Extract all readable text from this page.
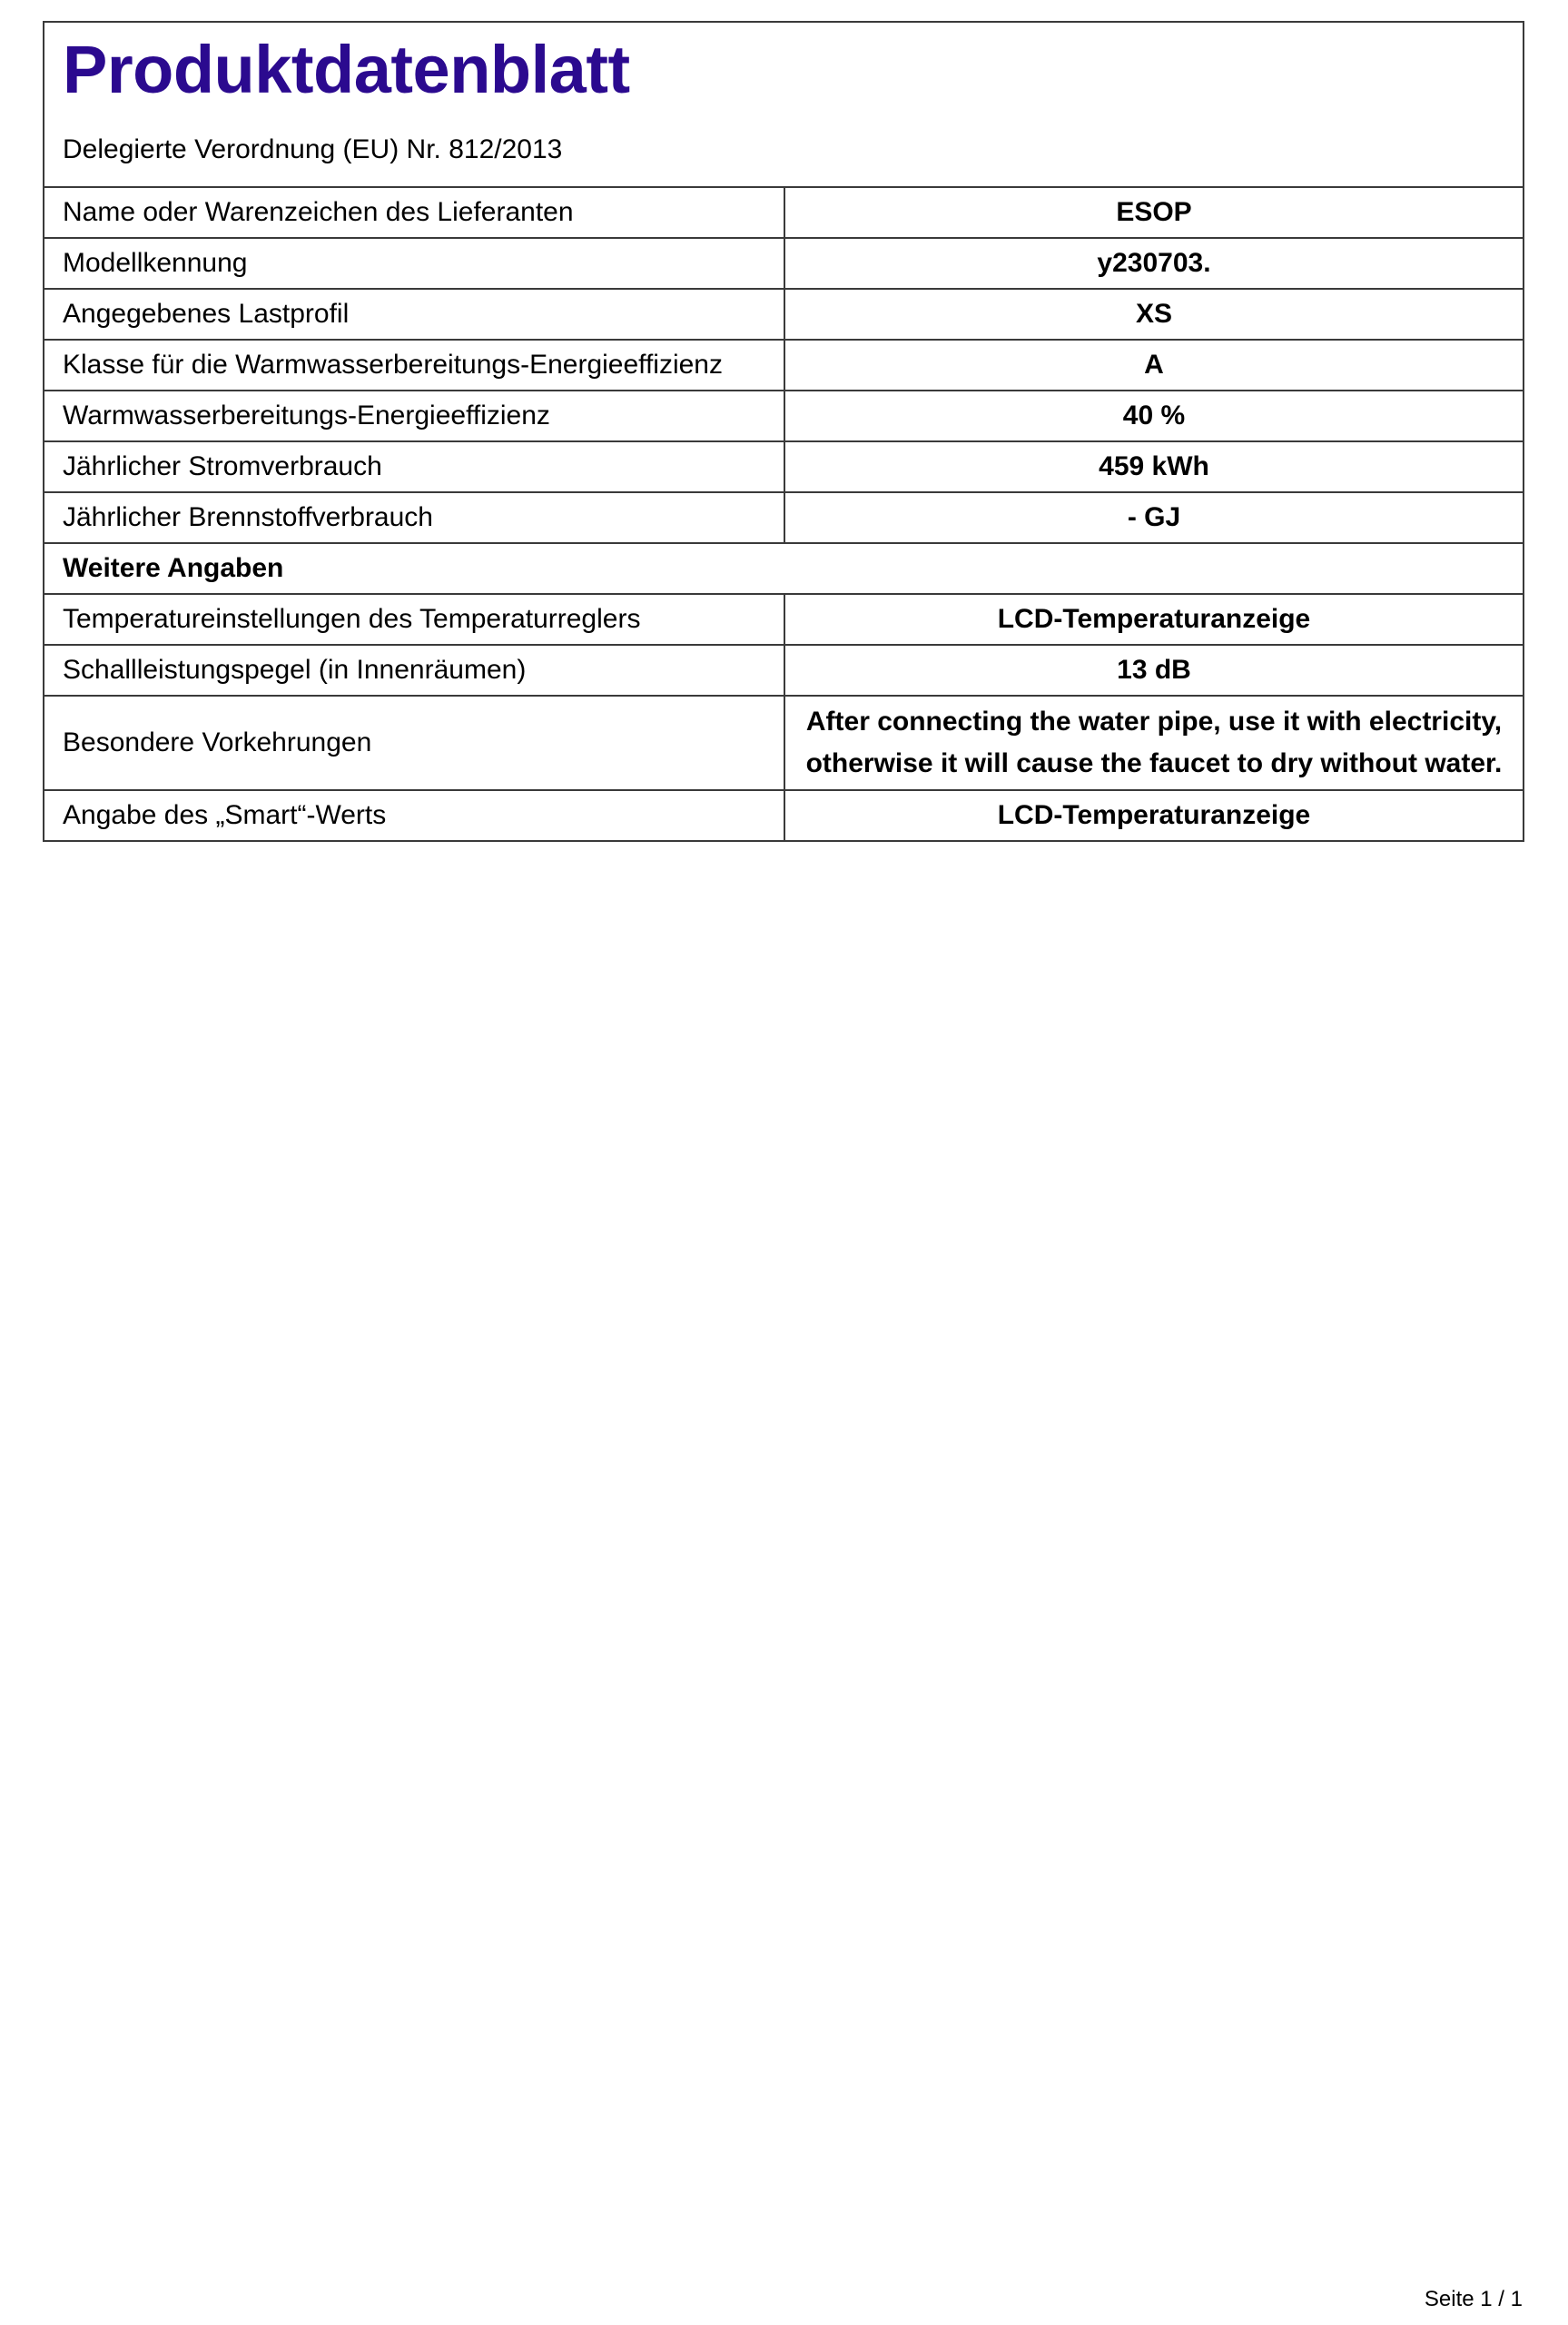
Produktdatenblatt
Delegierte Verordnung (EU) Nr. 812/2013
Name oder Warenzeichen des Lieferanten	ESOP
Modellkennung	y230703.
Angegebenes Lastprofil	XS
Klasse für die Warmwasserbereitungs-Energieeffizienz	A
Warmwasserbereitungs-Energieeffizienz	40 %
Jährlicher Stromverbrauch	459 kWh
Jährlicher Brennstoffverbrauch	- GJ
Weitere Angaben	
Temperatureinstellungen des Temperaturreglers	LCD-Temperaturanzeige
Schallleistungspegel (in Innenräumen)	13 dB
Besondere Vorkehrungen	After connecting the water pipe, use it with electricity,
otherwise it will cause the faucet to dry without water.
Angabe des „Smart“-Werts	LCD-Temperaturanzeige
Seite 1 / 1
